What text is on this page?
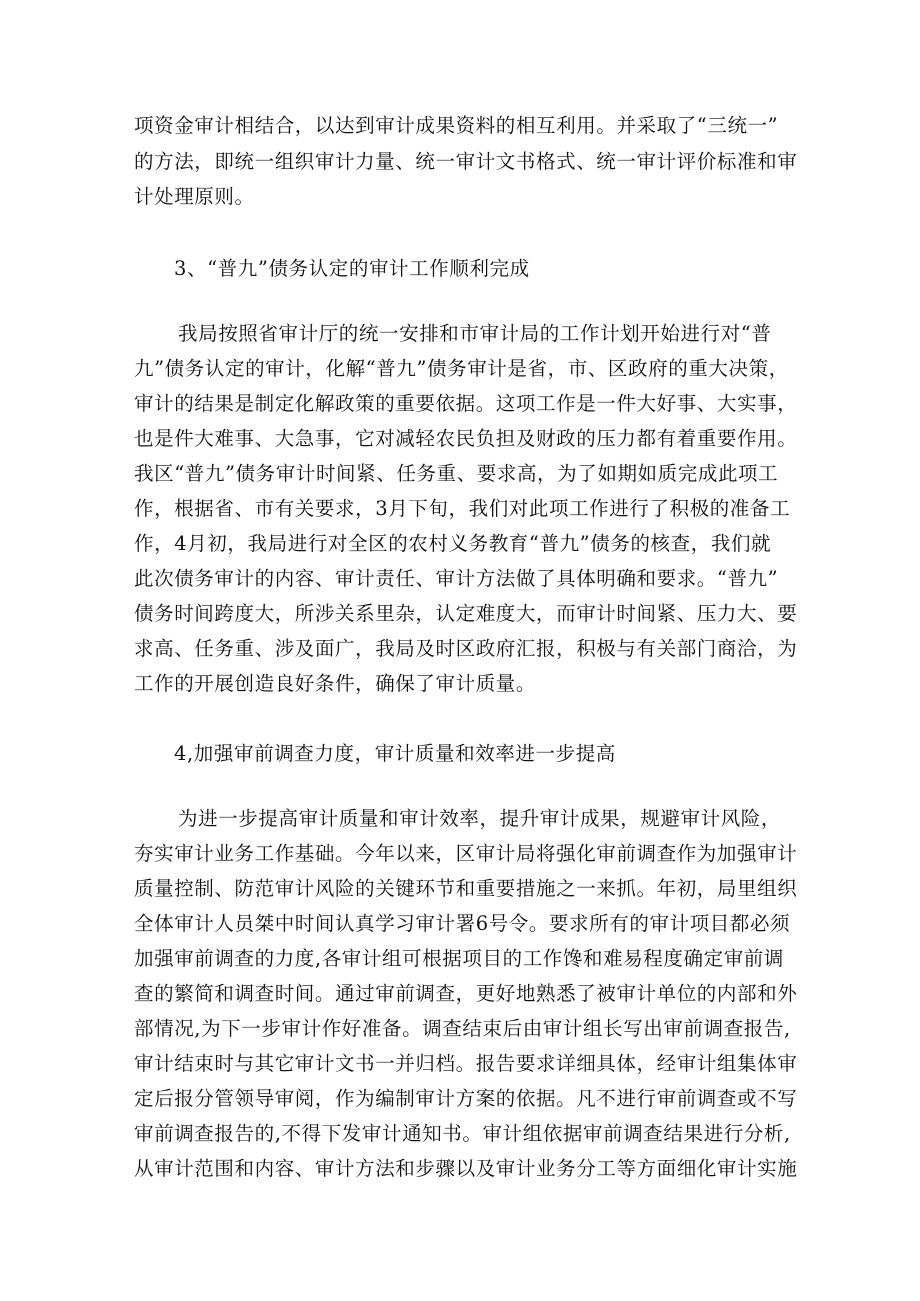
项资金审计相结合，以达到审计成果资料的相互利用。并采取了“三统一”
的方法，即统一组织审计力量、统一审计文书格式、统一审计评价标准和审
计处理原则。
3、“普九”债务认定的审计工作顺利完成
我局按照省审计厅的统一安排和市审计局的工作计划开始进行对“普
九”债务认定的审计，化解“普九”债务审计是省，市、区政府的重大决策，
审计的结果是制定化解政策的重要依据。这项工作是一件大好事、大实事，
也是件大难事、大急事，它对减轻农民负担及财政的压力都有着重要作用。
我区“普九”债务审计时间紧、任务重、要求高，为了如期如质完成此项工
作，根据省、市有关要求，3月下旬，我们对此项工作进行了积极的准备工
作，4月初，我局进行对全区的农村义务教育“普九”债务的核查，我们就
此次债务审计的内容、审计责任、审计方法做了具体明确和要求。“普九”
债务时间跨度大，所涉关系里杂，认定难度大，而审计时间紧、压力大、要
求高、任务重、涉及面广，我局及时区政府汇报，积极与有关部门商洽，为
工作的开展创造良好条件，确保了审计质量。
4,加强审前调查力度，审计质量和效率进一步提高
为进一步提高审计质量和审计效率，提升审计成果，规避审计风险，
夯实审计业务工作基础。今年以来，区审计局将强化审前调查作为加强审计
质量控制、防范审计风险的关键环节和重要措施之一来抓。年初，局里组织
全体审计人员桀中时间认真学习审计署6号令。要求所有的审计项目都必须
加强审前调查的力度,各审计组可根据项目的工作馋和难易程度确定审前调
查的繁简和调查时间。通过审前调查，更好地熟悉了被审计单位的内部和外
部情况,为下一步审计作好准备。调查结束后由审计组长写出审前调查报告,
审计结束时与其它审计文书一并归档。报告要求详细具体，经审计组集体审
定后报分管领导审阅，作为编制审计方案的依据。凡不进行审前调查或不写
审前调查报告的,不得下发审计通知书。审计组依据审前调查结果进行分析,
从审计范围和内容、审计方法和步骤以及审计业务分工等方面细化审计实施
